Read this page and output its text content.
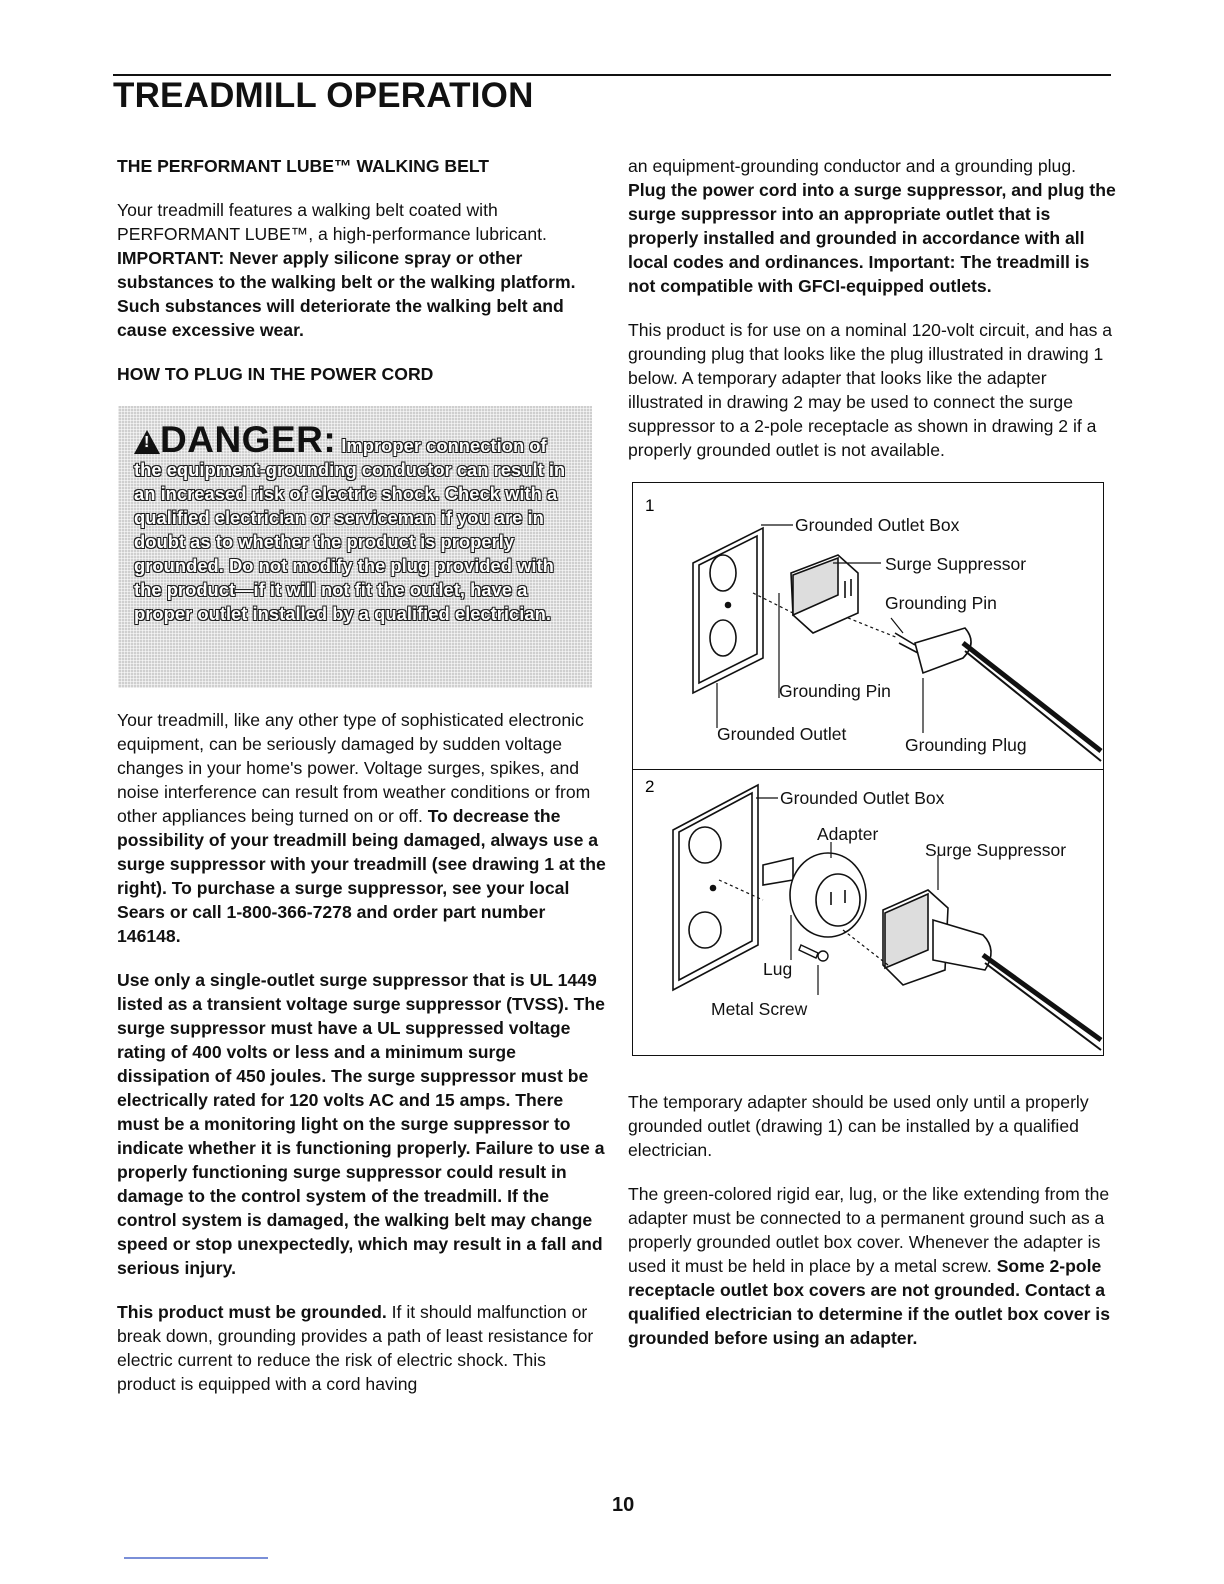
TREADMILL OPERATION

THE PERFORMANT LUBE™ WALKING BELT

Your treadmill features a walking belt coated with PERFORMANT LUBE™, a high-performance lubricant. IMPORTANT: Never apply silicone spray or other substances to the walking belt or the walking platform. Such substances will deteriorate the walking belt and cause excessive wear.

HOW TO PLUG IN THE POWER CORD

! DANGER: Improper connection of the equipment-grounding conductor can result in an increased risk of electric shock. Check with a qualified electrician or serviceman if you are in doubt as to whether the product is properly grounded. Do not modify the plug provided with the product—if it will not fit the outlet, have a proper outlet installed by a qualified electrician.

Your treadmill, like any other type of sophisticated electronic equipment, can be seriously damaged by sudden voltage changes in your home's power. Voltage surges, spikes, and noise interference can result from weather conditions or from other appliances being turned on or off. To decrease the possibility of your treadmill being damaged, always use a surge suppressor with your treadmill (see drawing 1 at the right). To purchase a surge suppressor, see your local Sears or call 1-800-366-7278 and order part number 146148.

Use only a single-outlet surge suppressor that is UL 1449 listed as a transient voltage surge suppressor (TVSS). The surge suppressor must have a UL suppressed voltage rating of 400 volts or less and a minimum surge dissipation of 450 joules. The surge suppressor must be electrically rated for 120 volts AC and 15 amps. There must be a monitoring light on the surge suppressor to indicate whether it is functioning properly. Failure to use a properly functioning surge suppressor could result in damage to the control system of the treadmill. If the control system is damaged, the walking belt may change speed or stop unexpectedly, which may result in a fall and serious injury.

This product must be grounded. If it should malfunction or break down, grounding provides a path of least resistance for electric current to reduce the risk of electric shock. This product is equipped with a cord having

an equipment-grounding conductor and a grounding plug. Plug the power cord into a surge suppressor, and plug the surge suppressor into an appropriate outlet that is properly installed and grounded in accordance with all local codes and ordinances. Important: The treadmill is not compatible with GFCI-equipped outlets.

This product is for use on a nominal 120-volt circuit, and has a grounding plug that looks like the plug illustrated in drawing 1 below. A temporary adapter that looks like the adapter illustrated in drawing 2 may be used to connect the surge suppressor to a 2-pole receptacle as shown in drawing 2 if a properly grounded outlet is not available.

1
Grounded Outlet Box
Surge Suppressor
Grounding Pin
Grounding Pin
Grounded Outlet
Grounding Plug
2
Grounded Outlet Box
Adapter
Surge Suppressor
Lug
Metal Screw

The temporary adapter should be used only until a properly grounded outlet (drawing 1) can be installed by a qualified electrician.

The green-colored rigid ear, lug, or the like extending from the adapter must be connected to a permanent ground such as a properly grounded outlet box cover. Whenever the adapter is used it must be held in place by a metal screw. Some 2-pole receptacle outlet box covers are not grounded. Contact a qualified electrician to determine if the outlet box cover is grounded before using an adapter.

10
